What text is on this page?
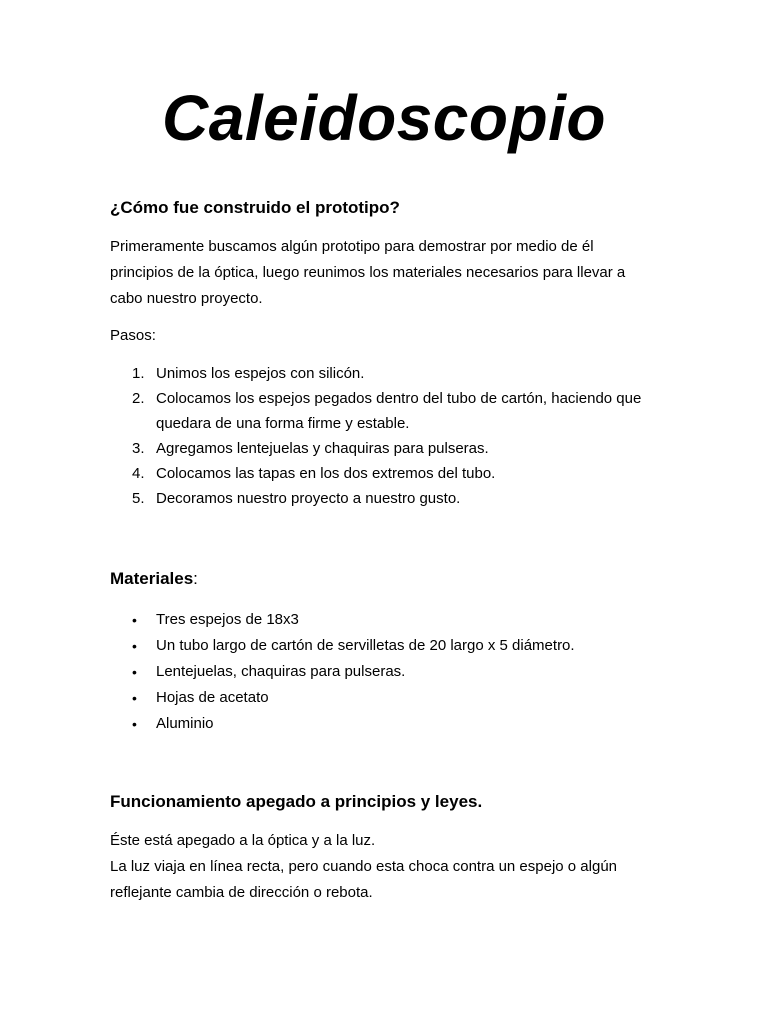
Caleidoscopio
¿Cómo fue construido el prototipo?

Primeramente buscamos algún prototipo para demostrar por medio de él
principios de la óptica, luego reunimos los materiales necesarios para llevar a
cabo nuestro proyecto.

Pasos:

1. Unimos los espejos con silicón.
2. Colocamos los espejos pegados dentro del tubo de cartón, haciendo que
quedara de una forma firme y estable.
3. Agregamos lentejuelas y chaquiras para pulseras.
4. Colocamos las tapas en los dos extremos del tubo.
5. Decoramos nuestro proyecto a nuestro gusto.
Materiales:
• Tres espejos de 18x3
• Un tubo largo de cartón de servilletas de 20 largo x 5 diámetro.
• Lentejuelas, chaquiras para pulseras.
• Hojas de acetato
• Aluminio
Funcionamiento apegado a principios y leyes.

Éste está apegado a la óptica y a la luz.
La luz viaja en línea recta, pero cuando esta choca contra un espejo o algún
reflejante cambia de dirección o rebota.
